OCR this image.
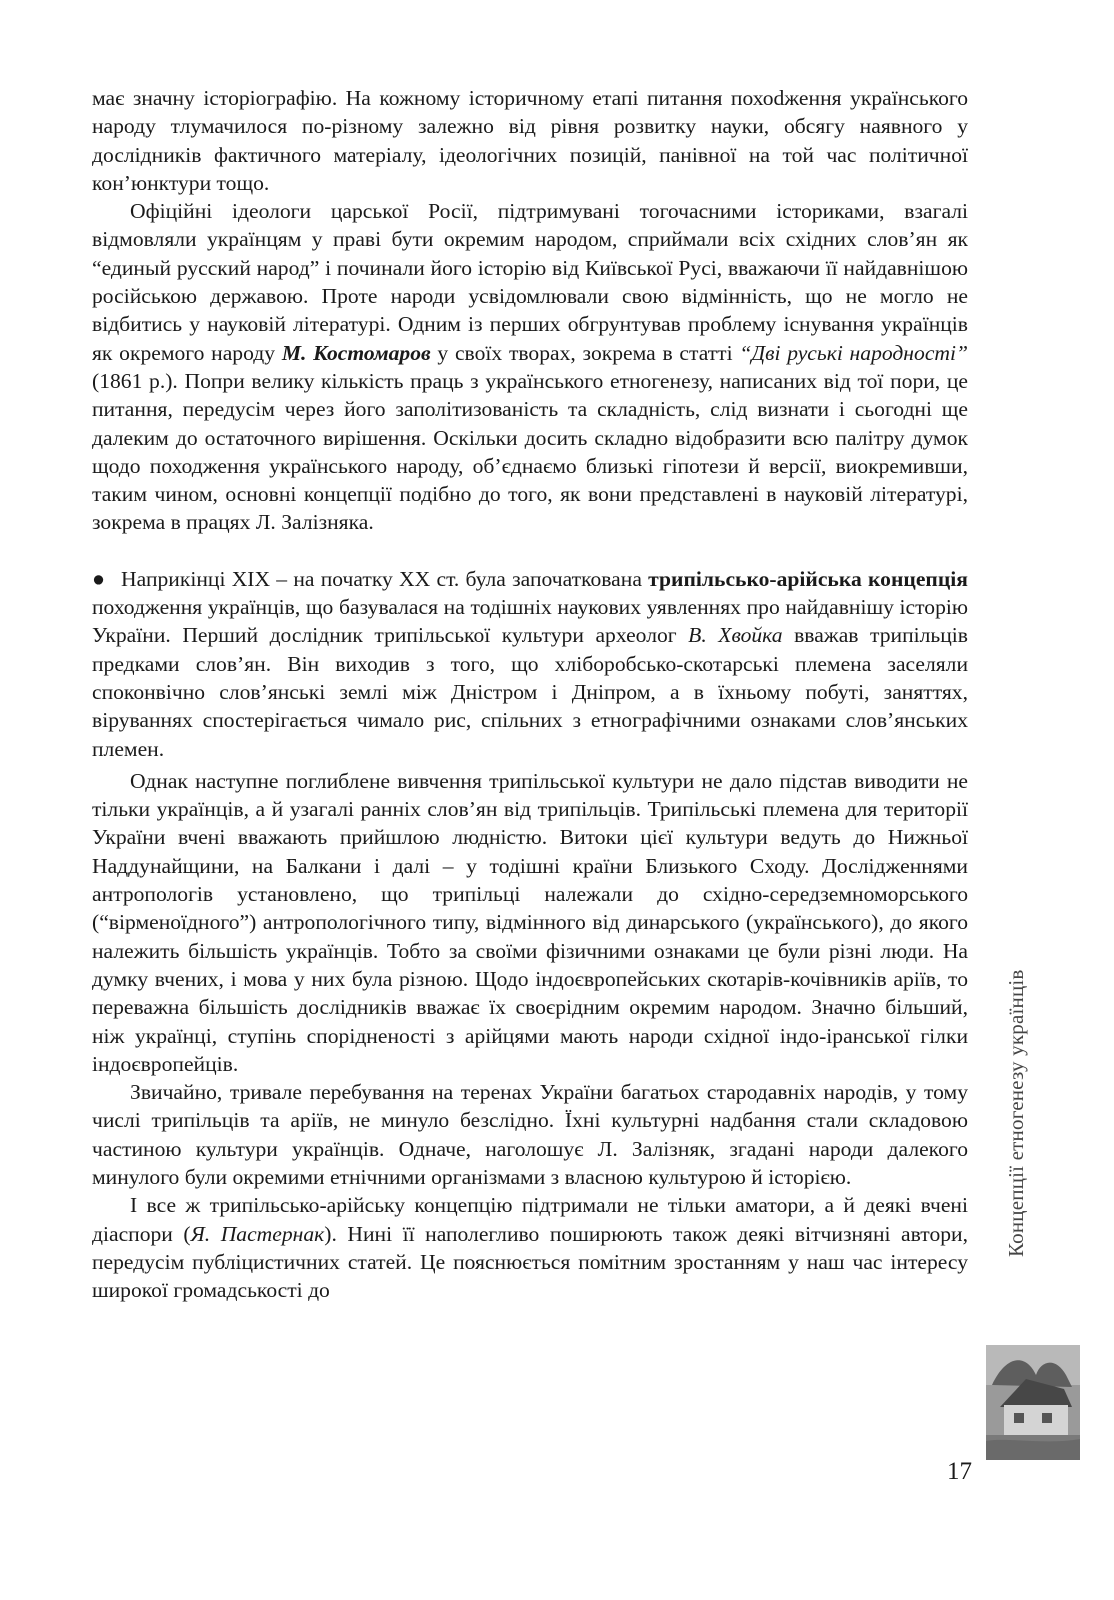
має значну історіографію. На кожному історичному етапі питання похоdження українського народу тлумачилося по-різному залежно від рівня розвитку науки, обсягу наявного у дослідників фактичного матеріалу, ідеологічних позицій, панівної на той час політичної кон’юнктури тощо.

Офіційні ідеологи царської Росії, підтримувані тогочасними істориками, взагалі відмовляли українцям у праві бути окремим народом, сприймали всіх східних слов’ян як “единый русский народ” і починали його історію від Київської Русі, вважаючи її найдавнішою російською державою. Проте народи усвідомлювали свою відмінність, що не могло не відбитись у науковій літературі. Одним із перших обгрунтував проблему існування українців як окремого народу М. Костомаров у своїх творах, зокрема в статті “Дві руські народності” (1861 р.). Попри велику кількість праць з українського етногенезу, написаних від тої пори, це питання, передусім через його заполітизованість та складність, слід визнати і сьогодні ще далеким до остаточного вирішення. Оскільки досить складно відобразити всю палітру думок щодо походження українського народу, об’єднаємо близькі гіпотези й версії, виокремивши, таким чином, основні концепції подібно до того, як вони представлені в науковій літературі, зокрема в працях Л. Залізняка.

● Наприкінці XIX – на початку XX ст. була започаткована трипільсько-арійська концепція походження українців, що базувалася на тодішніх наукових уявленнях про найдавнішу історію України. Перший дослідник трипільської культури археолог В. Хвойка вважав трипільців предками слов’ян. Він виходив з того, що хліборобсько-скотарські племена заселяли споконвічно слов’янські землі між Дністром і Дніпром, а в їхньому побуті, заняттях, віруваннях спостерігається чимало рис, спільних з етнографічними ознаками слов’янських племен.

Однак наступне поглиблене вивчення трипільської культури не дало підстав виводити не тільки українців, а й узагалі ранніх слов’ян від трипільців. Трипільські племена для території України вчені вважають прийшлою людністю. Витоки цієї культури ведуть до Нижньої Наддунайщини, на Балкани і далі – у тодішні країни Близького Сходу. Дослідженнями антропологів установлено, що трипільці належали до східно-середземноморського (“вірменоїдного”) антропологічного типу, відмінного від динарського (українського), до якого належить більшість українців. Тобто за своїми фізичними ознаками це були різні люди. На думку вчених, і мова у них була різною. Щодо індоєвропейських скотарів-кочівників аріїв, то переважна більшість дослідників вважає їх своєрідним окремим народом. Значно більший, ніж українці, ступінь спорідненості з арійцями мають народи східної індо-іранської гілки індоєвропейців.

Звичайно, тривале перебування на теренах України багатьох стародавніх народів, у тому числі трипільців та аріїв, не минуло безслідно. Їхні культурні надбання стали складовою частиною культури українців. Одначе, наголошує Л. Залізняк, згадані народи далекого минулого були окремими етнічними організмами з власною культурою й історією.

І все ж трипільсько-арійську концепцію підтримали не тільки аматори, а й деякі вчені діаспори (Я. Пастернак). Нині її наполегливо поширюють також деякі вітчизняні автори, передусім публіцистичних статей. Це пояснюється помітним зростанням у наш час інтересу широкої громадськості до

Концепції етногенезу українців
17
